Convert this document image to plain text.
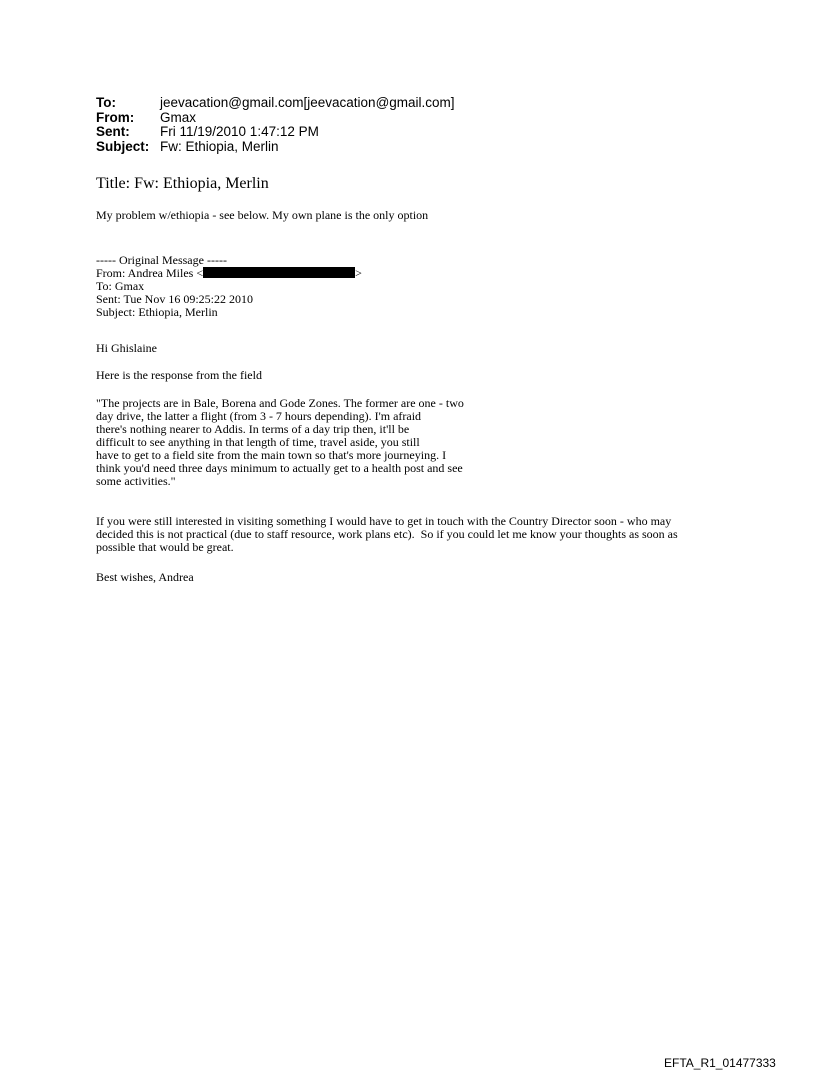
To:	jeevacation@gmail.com[jeevacation@gmail.com]
From:	Gmax
Sent:	Fri 11/19/2010 1:47:12 PM
Subject: Fw: Ethiopia, Merlin
Title: Fw: Ethiopia, Merlin
My problem w/ethiopia - see below. My own plane is the only option
----- Original Message -----
From: Andrea Miles <	>
To: Gmax
Sent: Tue Nov 16 09:25:22 2010
Subject: Ethiopia, Merlin
Hi Ghislaine
Here is the response from the field
"The projects are in Bale, Borena and Gode Zones. The former are one - two
day drive, the latter a flight (from 3 - 7 hours depending). I'm afraid
there's nothing nearer to Addis. In terms of a day trip then, it'll be
difficult to see anything in that length of time, travel aside, you still
have to get to a field site from the main town so that's more journeying. I
think you'd need three days minimum to actually get to a health post and see
some activities."
If you were still interested in visiting something I would have to get in touch with the Country Director soon - who may
decided this is not practical (due to staff resource, work plans etc).  So if you could let me know your thoughts as soon as
possible that would be great.
Best wishes, Andrea
EFTA_R1_01477333
